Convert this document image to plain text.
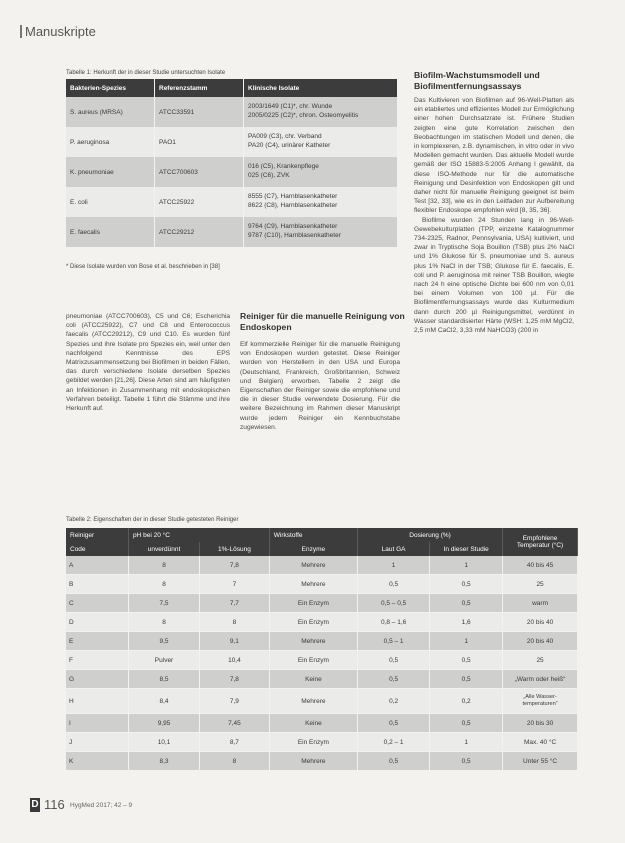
Manuskripte
Tabelle 1: Herkunft der in dieser Studie untersuchten Isolate
Bakterien-Spezies	Referenzstamm	Klinische Isolate
S. aureus (MRSA)	ATCC33591	2003/1649 (C1)*, chr. Wunde
2005/0225 (C2)*, chron. Osteomyelitis

P. aeruginosa	PAO1	PA009 (C3), chr. Verband
PA20 (C4), urinärer Katheter

K. pneumoniae	ATCC700603	016 (C5), Krankenpflege
025 (C6), ZVK

E. coli	ATCC25922	8555 (C7), Harnblasenkatheter
8622 (C8), Harnblasenkatheter

E. faecalis	ATCC29212	9764 (C9), Harnblasenkatheter
9787 (C10), Harnblasenkatheter
* Diese Isolate wurden von Bose et al. beschrieben in [38]

pneumoniae (ATCC700603), C5 und C6; Escherichia coli (ATCC25922), C7 und C8 und Enterococcus faecalis (ATCC29212), C9 und C10. Es wurden fünf Spezies und ihre Isolate pro Spezies ein, weil unter den nachfolgend Kenntnisse des EPS Matrixzusammensetzung bei Biofilmen in beiden Fällen, das durch verschiedene Isolate derselben Spezies gebildet werden [21,26]. Diese Arten sind am häufigsten an Infektionen in Zusammenhang mit endoskopischen Verfahren beteiligt. Tabelle 1 führt die Stämme und ihre Herkunft auf.

Reiniger für die manuelle Reinigung von Endoskopen

Elf kommerzielle Reiniger für die manuelle Reinigung von Endoskopen wurden getestet. Diese Reiniger wurden von Herstellern in den USA und Europa (Deutschland, Frankreich, Großbritannien, Schweiz und Belgien) erworben. Tabelle 2 zeigt die Eigenschaften der Reiniger sowie die empfohlene und die in dieser Studie verwendete Dosierung. Für die weitere Bezeichnung im Rahmen dieser Manuskript wurde jedem Reiniger ein Kennbuchstabe zugewiesen.

Biofilm-Wachstumsmodell und Biofilmentfernungsassays

Das Kultivieren von Biofilmen auf 96-Well-Platten als ein etabliertes und effizientes Modell zur Ermöglichung einer hohen Durchsatzrate ist. Frühere Studien zeigten eine gute Korrelation zwischen den Beobachtungen im statischen Modell und denen, die in komplexeren, z.B. dynamischen, in vitro oder in vivo Modellen gemacht wurden. Das aktuelle Modell wurde gemäß der ISO 15883-5:2005 Anhang I gewählt, da diese ISO-Methode nur für die automatische Reinigung und Desinfektion von Endoskopen gilt und daher nicht für manuelle Reinigung geeignet ist beim Test [32, 33], wie es in den Leitfaden zur Aufbereitung flexibler Endoskope empfohlen wird [8, 35, 36].

Biofilme wurden 24 Stunden lang in 96-Well-Gewebekulturplatten (TPP, einzelne Katalognummer 734-2325, Radnor, Pennsylvania, USA) kultiviert, und zwar in Tryptische Soja Bouillon (TSB) plus 2% NaCl und 1% Glukose für S. pneumoniae und S. aureus plus 1% NaCl in der TSB; Glukose für E. faecalis, E. coli und P. aeruginosa mit reiner TSB Bouillon, wiegte nach 24 h eine optische Dichte bei 600 nm von 0,01 bei einem Volumen von 100 µl. Für die Biofilmentfernungsassays wurde das Kulturmedium dann durch 200 µl Reinigungsmittel, verdünnt in Wasser standardisierter Härte (WSH: 1,25 mM MgCl2, 2,5 mM CaCl2, 3,33 mM NaHCO3) (200 in

Tabelle 2: Eigenschaften der in dieser Studie getesteten Reiniger
Reiniger	pH bei 20 °C		Wirkstoffe	Dosierung (%)		Empfohlene Temperatur (°C)
Code	unverdünnt	1%-Lösung	Enzyme	Laut GA	In dieser Studie	
A	8	7,8	Mehrere	1	1	40 bis 45
B	8	7	Mehrere	0,5	0,5	25
C	7,5	7,7	Ein Enzym	0,5 – 0,5	0,5	warm
D	8	8	Ein Enzym	0,8 – 1,6	1,6	20 bis 40
E	9,5	9,1	Mehrere	0,5 – 1	1	20 bis 40
F	Pulver	10,4	Ein Enzym	0,5	0,5	25
G	8,5	7,8	Keine	0,5	0,5	„Warm oder heiß“
H	8,4	7,9	Mehrere	0,2	0,2	„Alle Wasser-temperaturen“
I	9,95	7,45	Keine	0,5	0,5	20 bis 30
J	10,1	8,7	Ein Enzym	0,2 – 1	1	Max. 40 °C
K	8,3	8	Mehrere	0,5	0,5	Unter 55 °C
D 116 HygMed 2017; 42 – 9
